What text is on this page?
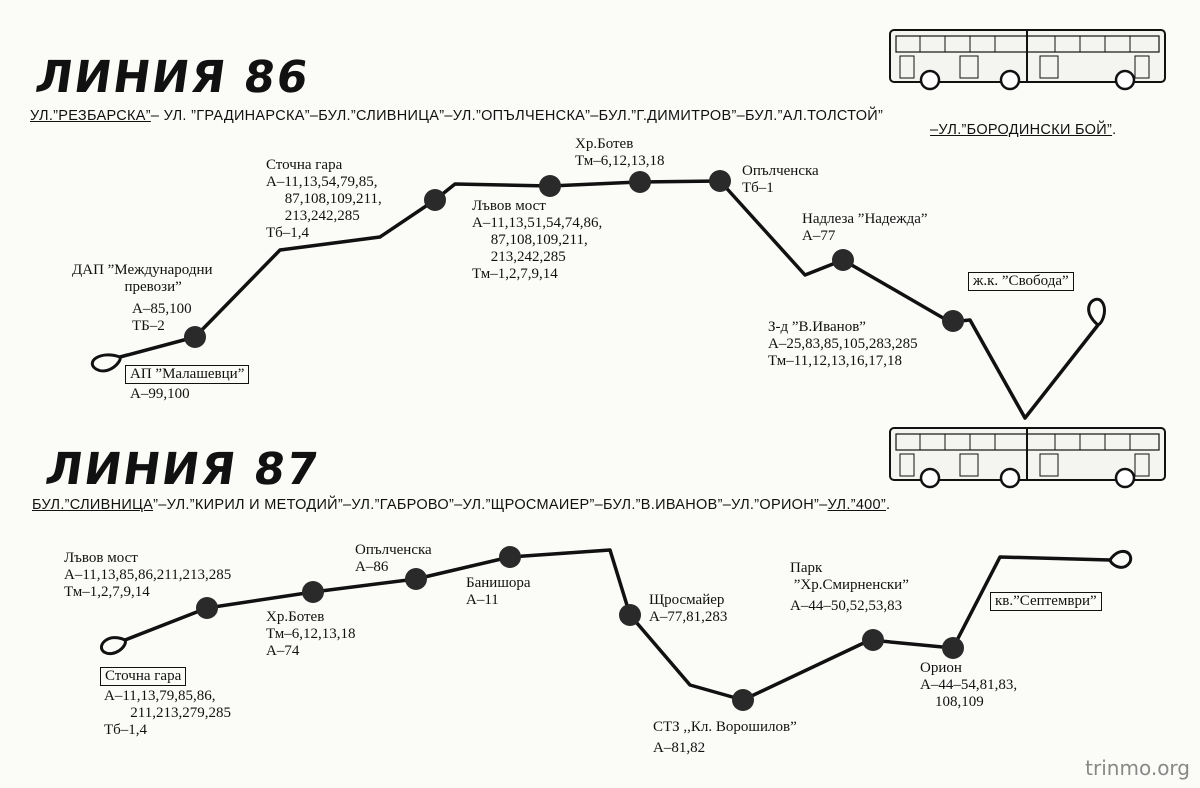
ЛИНИЯ 86
УЛ.”РЕЗБАРСКА”– УЛ. ”ГРАДИНАРСКА”–БУЛ.”СЛИВНИЦА”–УЛ.”ОПЪЛЧЕНСКА”–БУЛ.”Г.ДИМИТРОВ”–БУЛ.”АЛ.ТОЛСТОЙ”
–УЛ.”БОРОДИНСКИ БОЙ”.
АП ”Малашевци”
А–99,100
ДАП ”Международни
превози”
А–85,100
ТБ–2
Сточна гара
А–11,13,54,79,85,
87,108,109,211,
213,242,285
Тб–1,4
Лъвов мост
А–11,13,51,54,74,86,
87,108,109,211,
213,242,285
Тм–1,2,7,9,14
Хр.Ботев
Тм–6,12,13,18
Опълченска
Тб–1
Надлеза ”Надежда”
А–77
З-д ”В.Иванов”
А–25,83,85,105,283,285
Тм–11,12,13,16,17,18
ж.к. ”Свобода”
ЛИНИЯ 87
БУЛ.”СЛИВНИЦА”–УЛ.”КИРИЛ И МЕТОДИЙ”–УЛ.”ГАБРОВО”–УЛ.”ЩРОСМАИЕР”–БУЛ.”В.ИВАНОВ”–УЛ.”ОРИОН”–УЛ.”400”.
Сточна гара
А–11,13,79,85,86,
211,213,279,285
Тб–1,4
Лъвов мост
А–11,13,85,86,211,213,285
Тм–1,2,7,9,14
Хр.Ботев
Тм–6,12,13,18
А–74
Опълченска
А–86
Банишора
А–11	Щросмайер
А–77,81,283
СТЗ ,,Кл. Ворошилов”
А–81,82
Парк
”Хр.Смирненски”
А–44–50,52,53,83
Орион
А–44–54,81,83,
108,109
кв.”Септември”
trinmo.org
